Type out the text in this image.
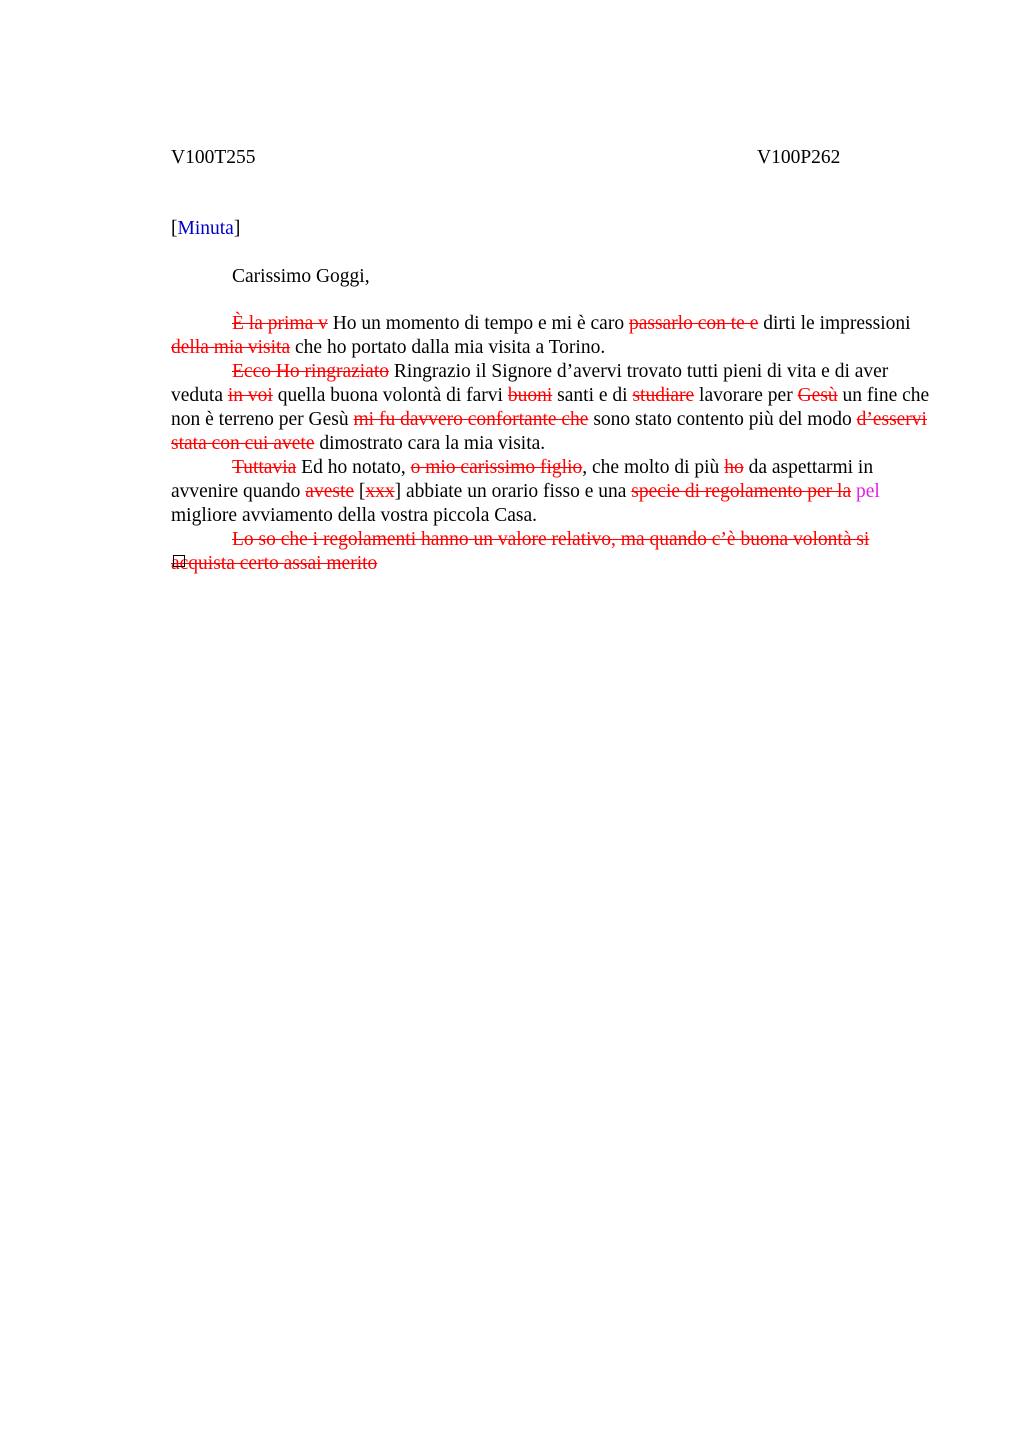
V100T255	V100P262
[Minuta]
Carissimo Goggi,

È la prima v Ho un momento di tempo e mi è caro passarlo con te e dirti le impressioni della mia visita che ho portato dalla mia visita a Torino.

Ecco Ho ringraziato Ringrazio il Signore d’avervi trovato tutti pieni di vita e di aver veduta in voi quella buona volontà di farvi buoni santi e di studiare lavorare per Gesù un fine che non è terreno per Gesù mi fu davvero confortante che sono stato contento più del modo d’esservi stata con cui avete dimostrato cara la mia visita.

Tuttavia Ed ho notato, o mio carissimo figlio, che molto di più ho da aspettarmi in avvenire quando aveste [xxx] abbiate un orario fisso e una specie di regolamento per la pel migliore avviamento della vostra piccola Casa.

Lo so che i regolamenti hanno un valore relativo, ma quando c’è buona volontà si acquista certo assai merito
